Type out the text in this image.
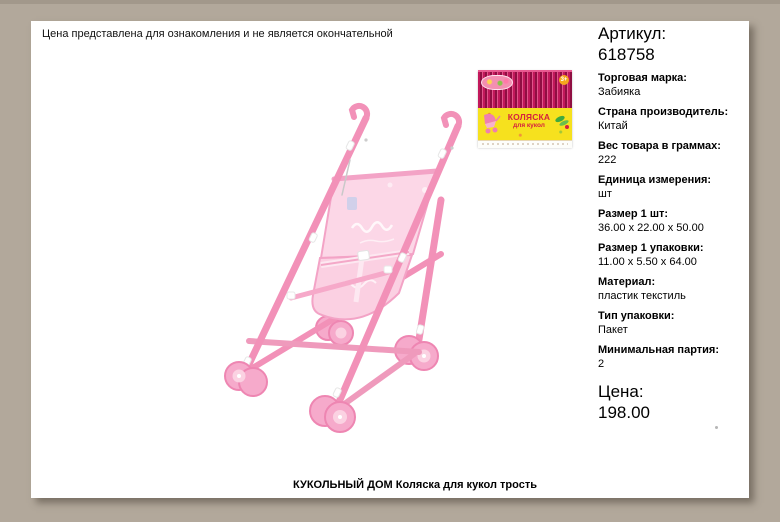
Цена представлена для ознакомления и не является окончательной
3+
КОЛЯСКА
для кукол
Артикул:
618758
Торговая марка:
Забияка
Страна производитель:
Китай
Вес товара в граммах:
222
Единица измерения:
шт
Размер 1 шт:
36.00 x 22.00 x 50.00
Размер 1 упаковки:
11.00 x 5.50 x 64.00
Материал:
пластик текстиль
Тип упаковки:
Пакет
Минимальная партия:
2
Цена:
198.00
КУКОЛЬНЫЙ ДОМ Коляска для кукол трость
